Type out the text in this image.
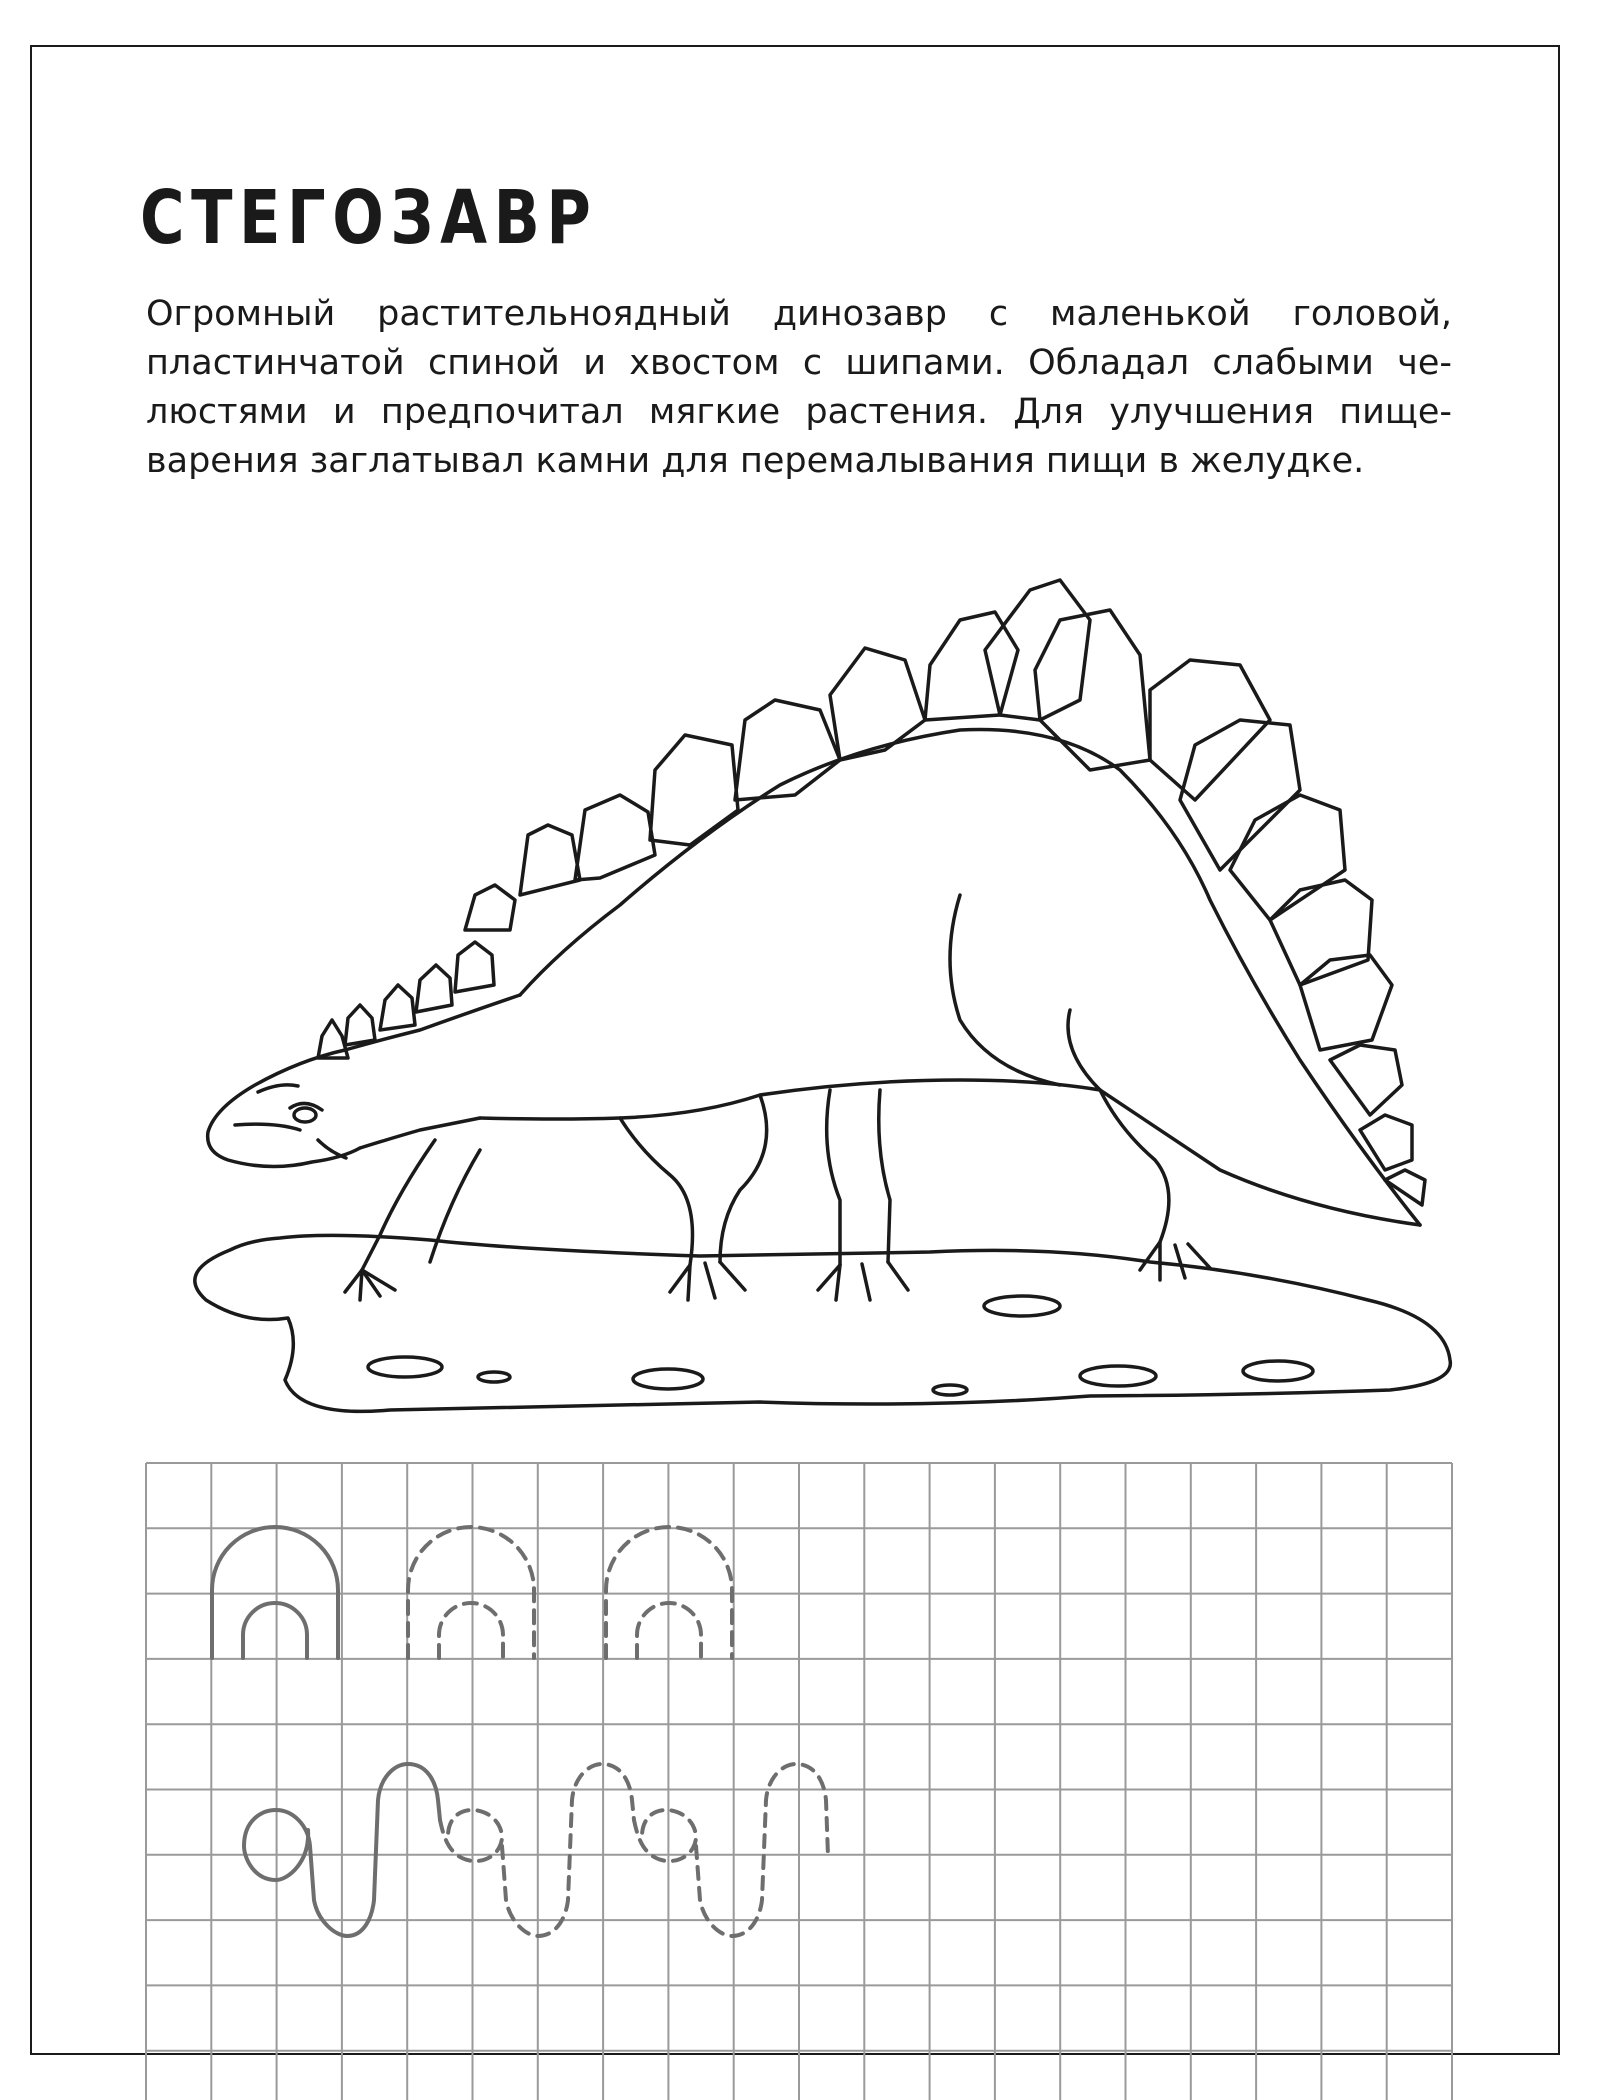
СТЕГОЗАВР
Огромный растительноядный динозавр с маленькой головой,
пластинчатой спиной и хвостом с шипами. Обладал слабыми че-
люстями и предпочитал мягкие растения. Для улучшения пище-
варения заглатывал камни для перемалывания пищи в желудке.
